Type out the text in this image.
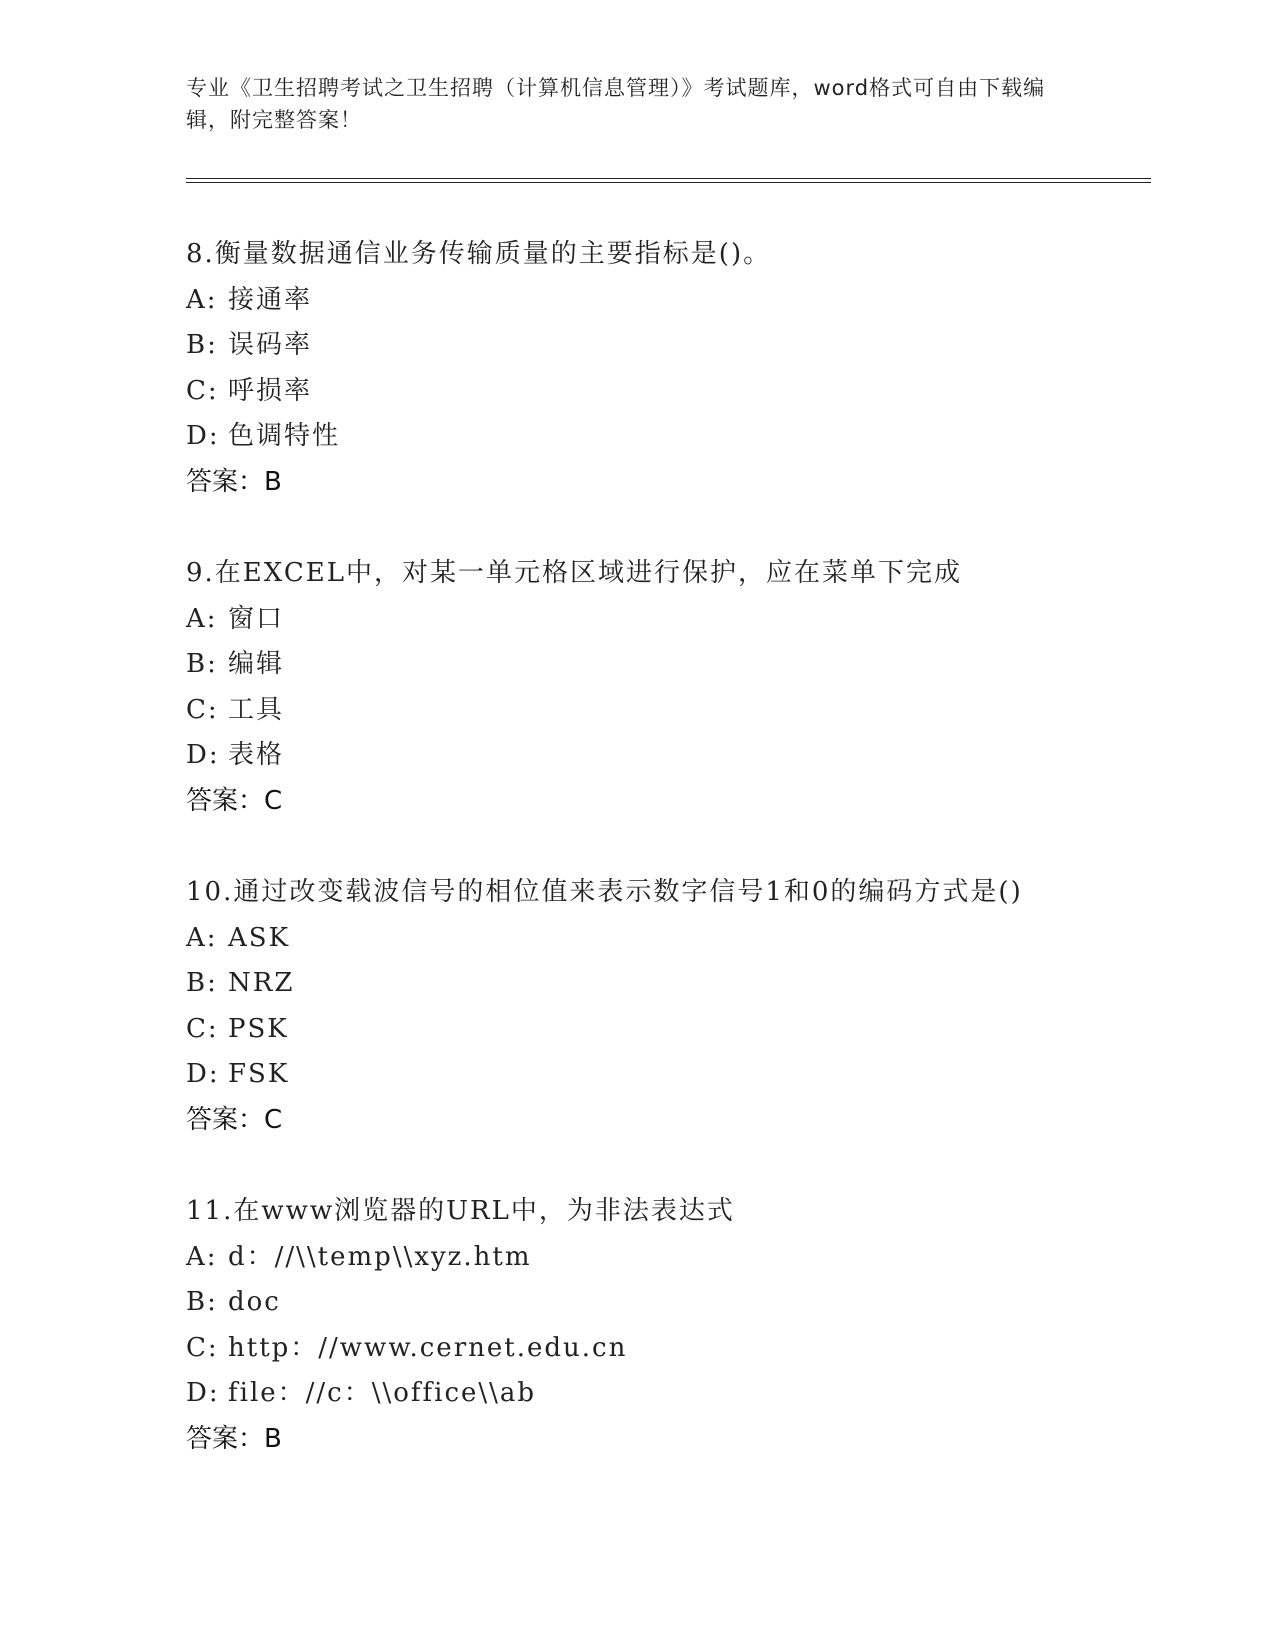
专业《卫生招聘考试之卫生招聘（计算机信息管理）》考试题库，word格式可自由下载编辑，附完整答案！
8.衡量数据通信业务传输质量的主要指标是()。
A: 接通率
B: 误码率
C: 呼损率
D: 色调特性
答案：B
9.在EXCEL中，对某一单元格区域进行保护，应在菜单下完成
A: 窗口
B: 编辑
C: 工具
D: 表格
答案：C
10.通过改变载波信号的相位值来表示数字信号1和0的编码方式是()
A: ASK
B: NRZ
C: PSK
D: FSK
答案：C
11.在www浏览器的URL中，为非法表达式
A: d：//\\temp\\xyz.htm
B: doc
C: http：//www.cernet.edu.cn
D: file：//c：\\office\\ab
答案：B
